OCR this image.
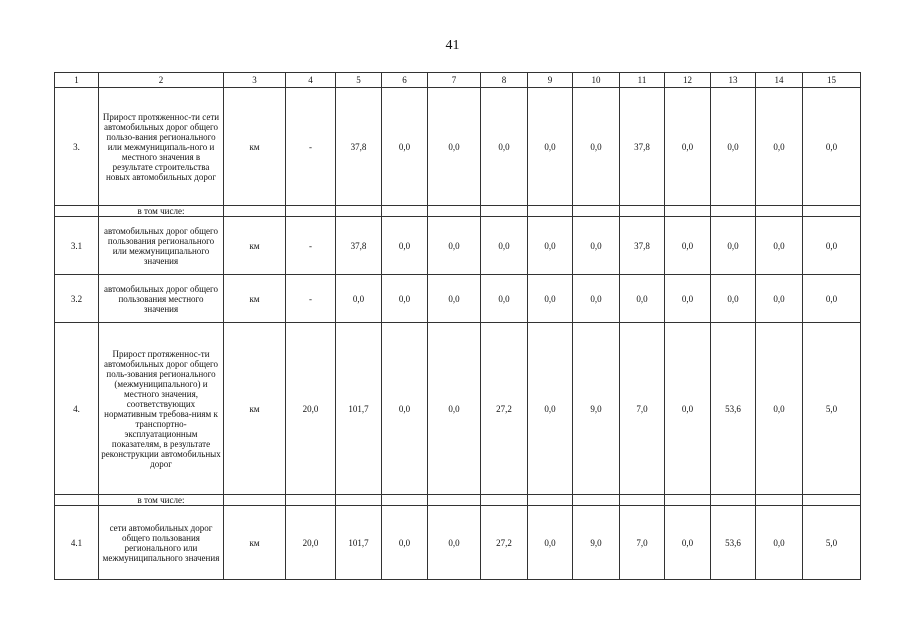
41
1	2	3	4	5	6	7	8	9	10	11	12	13	14	15
3.	Прирост протяженнос-ти сети автомобильных дорог общего пользо-вания регионального или межмуниципаль-ного и местного значения в результате строительства новых автомобильных дорог	км	-	37,8	0,0	0,0	0,0	0,0	0,0	37,8	0,0	0,0	0,0	0,0
	в том числе:													
3.1	автомобильных дорог общего пользования регионального или межмуниципального значения	км	-	37,8	0,0	0,0	0,0	0,0	0,0	37,8	0,0	0,0	0,0	0,0
3.2	автомобильных дорог общего пользования местного значения	км	-	0,0	0,0	0,0	0,0	0,0	0,0	0,0	0,0	0,0	0,0	0,0
4.	Прирост протяженнос-ти автомобильных дорог общего поль-зования регионального (межмуниципального) и местного значения, соответствующих нормативным требова-ниям к транспортно-эксплуатационным показателям, в результате реконструкции автомобильных дорог	км	20,0	101,7	0,0	0,0	27,2	0,0	9,0	7,0	0,0	53,6	0,0	5,0
	в том числе:													
4.1	сети автомобильных дорог общего пользования регионального или межмуниципального значения	км	20,0	101,7	0,0	0,0	27,2	0,0	9,0	7,0	0,0	53,6	0,0	5,0
